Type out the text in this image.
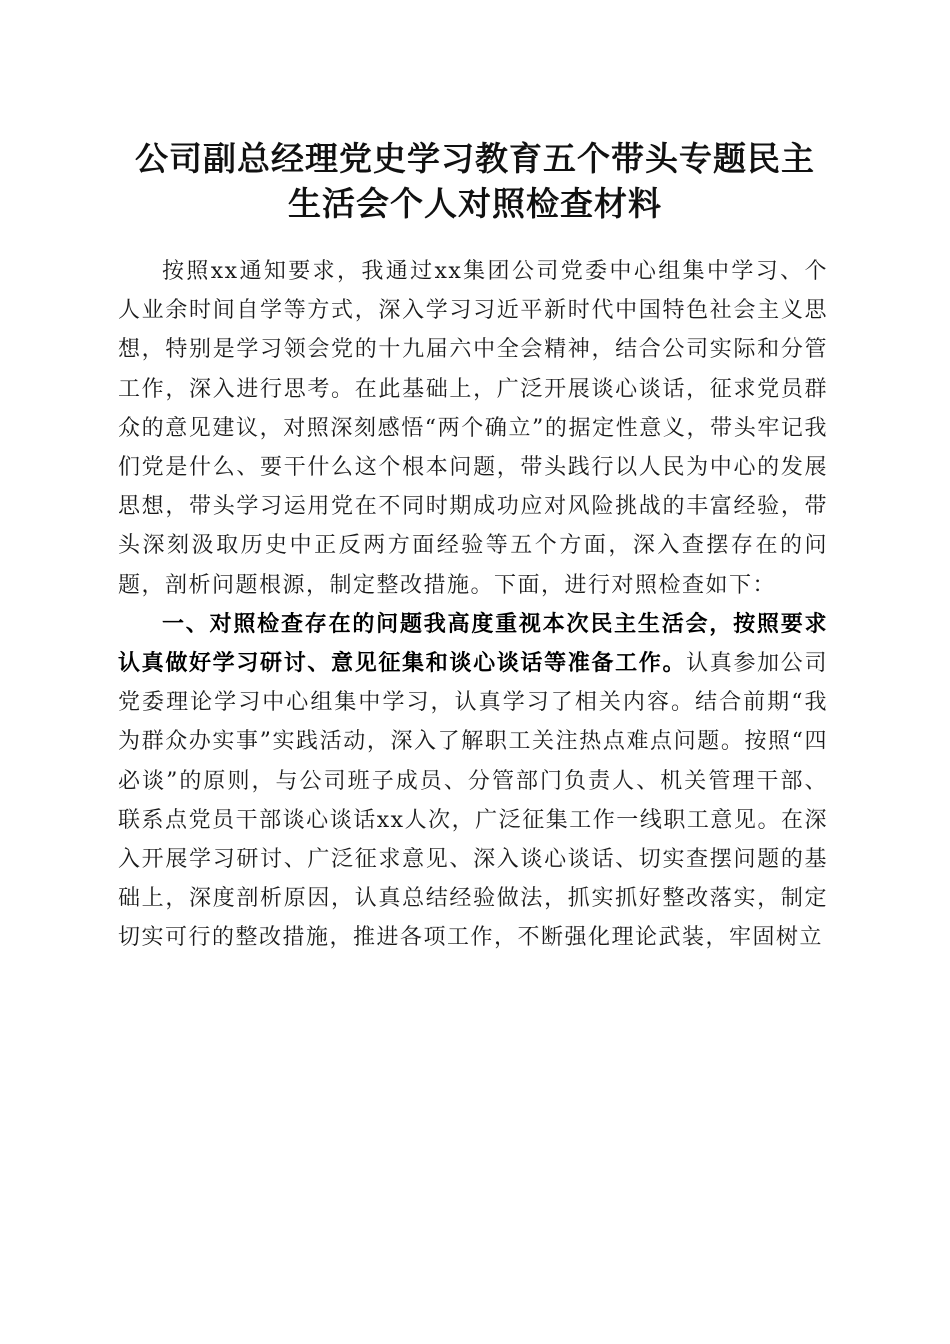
公司副总经理党史学习教育五个带头专题民主
生活会个人对照检查材料

按照xx通知要求，我通过xx集团公司党委中心组集中学习、个人业余时间自学等方式，深入学习习近平新时代中国特色社会主义思想，特别是学习领会党的十九届六中全会精神，结合公司实际和分管工作，深入进行思考。在此基础上，广泛开展谈心谈话，征求党员群众的意见建议，对照深刻感悟“两个确立”的据定性意义，带头牢记我们党是什么、要干什么这个根本问题，带头践行以人民为中心的发展思想，带头学习运用党在不同时期成功应对风险挑战的丰富经验，带头深刻汲取历史中正反两方面经验等五个方面，深入查摆存在的问题，剖析问题根源，制定整改措施。下面，进行对照检查如下：

一、对照检查存在的问题我高度重视本次民主生活会，按照要求认真做好学习研讨、意见征集和谈心谈话等准备工作。认真参加公司党委理论学习中心组集中学习，认真学习了相关内容。结合前期“我为群众办实事”实践活动，深入了解职工关注热点难点问题。按照“四必谈”的原则，与公司班子成员、分管部门负责人、机关管理干部、联系点党员干部谈心谈话xx人次，广泛征集工作一线职工意见。在深入开展学习研讨、广泛征求意见、深入谈心谈话、切实查摆问题的基础上，深度剖析原因，认真总结经验做法，抓实抓好整改落实，制定切实可行的整改措施，推进各项工作，不断强化理论武装，牢固树立
